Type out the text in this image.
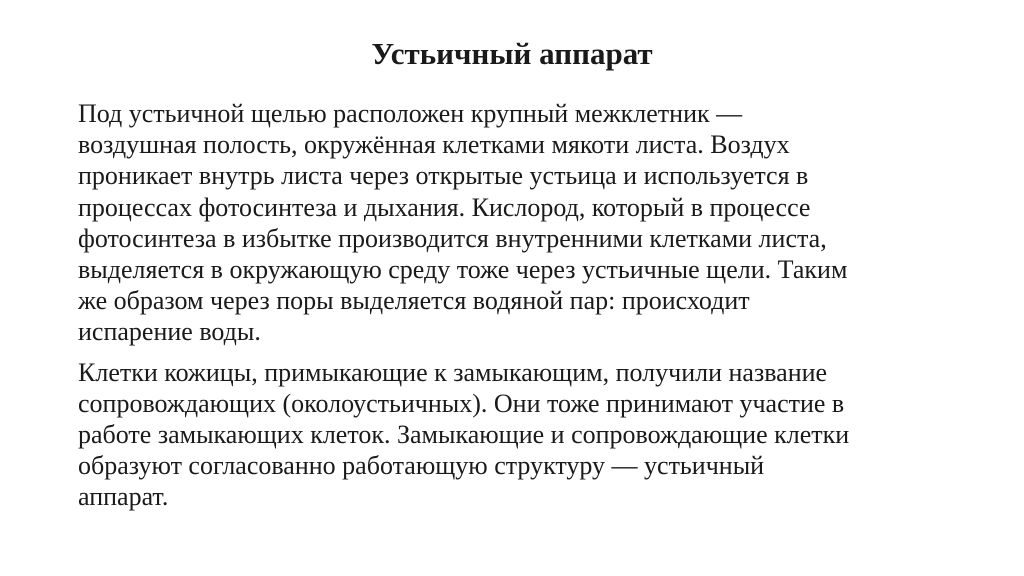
Устьичный аппарат

Под устьичной щелью расположен крупный межклетник —
воздушная полость, окружённая клетками мякоти листа. Воздух
проникает внутрь листа через открытые устьица и используется в
процессах фотосинтеза и дыхания. Кислород, который в процессе
фотосинтеза в избытке производится внутренними клетками листа,
выделяется в окружающую среду тоже через устьичные щели. Таким
же образом через поры выделяется водяной пар: происходит
испарение воды.

Клетки кожицы, примыкающие к замыкающим, получили название
сопровождающих (околоустьичных). Они тоже принимают участие в
работе замыкающих клеток. Замыкающие и сопровождающие клетки
образуют согласованно работающую структуру — устьичный
аппарат.
